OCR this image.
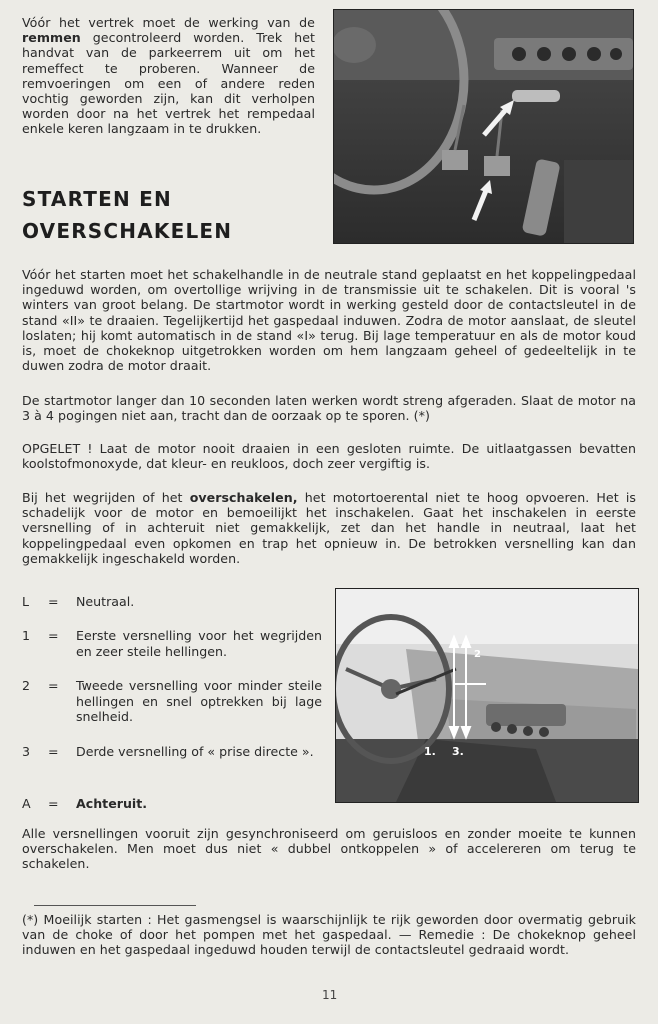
Vóór het vertrek moet de werking van de remmen gecontroleerd worden. Trek het handvat van de parkeerrem uit om het remeffect te proberen. Wanneer de remvoeringen om een of andere reden vochtig geworden zijn, kan dit verholpen worden door na het vertrek het rempedaal enkele keren langzaam in te drukken.
STARTEN EN
OVERSCHAKELEN
Vóór het starten moet het schakelhandle in de neutrale stand geplaatst en het koppelingpedaal ingeduwd worden, om overtollige wrijving in de transmissie uit te schakelen. Dit is vooral 's winters van groot belang. De startmotor wordt in werking gesteld door de contactsleutel in de stand «II» te draaien. Tegelijkertijd het gaspedaal induwen. Zodra de motor aanslaat, de sleutel loslaten; hij komt automatisch in de stand «I» terug. Bij lage temperatuur en als de motor koud is, moet de chokeknop uitgetrokken worden om hem langzaam geheel of gedeeltelijk in te duwen zodra de motor draait.
De startmotor langer dan 10 seconden laten werken wordt streng afgeraden. Slaat de motor na 3 à 4 pogingen niet aan, tracht dan de oorzaak op te sporen. (*)
OPGELET ! Laat de motor nooit draaien in een gesloten ruimte. De uitlaatgassen bevatten koolstofmonoxyde, dat kleur- en reukloos, doch zeer vergiftig is.
Bij het wegrijden of het overschakelen, het motortoerental niet te hoog opvoeren. Het is schadelijk voor de motor en bemoeilijkt het inschakelen. Gaat het inschakelen in eerste versnelling of in achteruit niet gemakkelijk, zet dan het handle in neutraal, laat het koppelingpedaal even opkomen en trap het opnieuw in. De betrokken versnelling kan dan gemakkelijk ingeschakeld worden.
L	=	Neutraal.
1	=	Eerste versnelling voor het wegrijden en zeer steile hellingen.
2	=	Tweede versnelling voor minder steile hellingen en snel optrekken bij lage snelheid.
3	=	Derde versnelling of « prise directe ».
A	=	Achteruit.
1. 3.
2
Alle versnellingen vooruit zijn gesynchroniseerd om geruisloos en zonder moeite te kunnen overschakelen. Men moet dus niet « dubbel ontkoppelen » of accelereren om terug te schakelen.
(*) Moeilijk starten : Het gasmengsel is waarschijnlijk te rijk geworden door overmatig gebruik van de choke of door het pompen met het gaspedaal. — Remedie : De chokeknop geheel induwen en het gaspedaal ingeduwd houden terwijl de contactsleutel gedraaid wordt.
11
